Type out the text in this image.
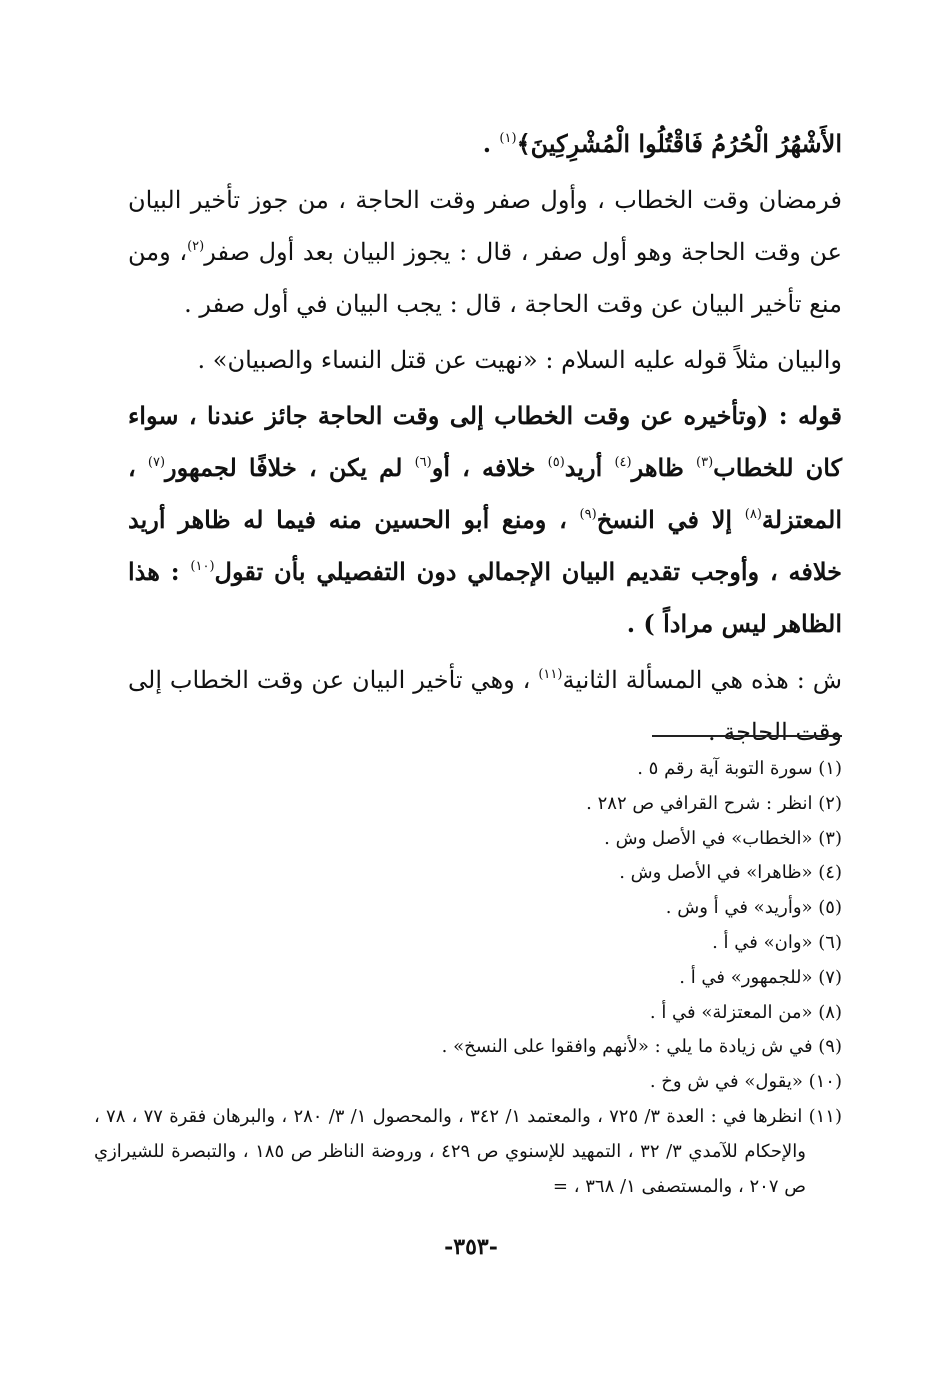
الأَشْهُرُ الْحُرُمُ فَاقْتُلُوا الْمُشْرِكِينَ﴾$^{(١)}$ .

فرمضان وقت الخطاب ، وأول صفر وقت الحاجة ، من جوز تأخير البيان عن وقت الحاجة وهو أول صفر ، قال : يجوز البيان بعد أول صفر$^{(٢)}$، ومن منع تأخير البيان عن وقت الحاجة ، قال : يجب البيان في أول صفر .

والبيان مثلاً قوله عليه السلام : «نهيت عن قتل النساء والصبيان» .

قوله : (وتأخيره عن وقت الخطاب إلى وقت الحاجة جائز عندنا ، سواء كان للخطاب$^{(٣)}$ ظاهر$^{(٤)}$ أريد$^{(٥)}$ خلافه ، أو$^{(٦)}$ لم يكن ، خلافًا لجمهور$^{(٧)}$ ، المعتزلة$^{(٨)}$ إلا في النسخ$^{(٩)}$ ، ومنع أبو الحسين منه فيما له ظاهر أريد خلافه ، وأوجب تقديم البيان الإجمالي دون التفصيلي بأن تقول$^{(١٠)}$ : هذا الظاهر ليس مراداً ) .

ش : هذه هي المسألة الثانية$^{(١١)}$ ، وهي تأخير البيان عن وقت الخطاب إلى وقت الحاجة .

(١) سورة التوبة آية رقم ٥ .
(٢) انظر : شرح القرافي ص ٢٨٢ .
(٣) «الخطاب» في الأصل وش .
(٤) «ظاهرا» في الأصل وش .
(٥) «وأريد» في أ وش .
(٦) «وان» في أ .
(٧) «للجمهور» في أ .
(٨) «من المعتزلة» في أ .
(٩) في ش زيادة ما يلي : «لأنهم وافقوا على النسخ» .
(١٠) «يقول» في ش وخ .
(١١) انظرها في : العدة ٣/ ٧٢٥ ، والمعتمد ١/ ٣٤٢ ، والمحصول ١/ ٣/ ٢٨٠ ، والبرهان فقرة ٧٧ ، ٧٨ ، والإحكام للآمدي ٣/ ٣٢ ، التمهيد للإسنوي ص ٤٢٩ ، وروضة الناظر ص ١٨٥ ، والتبصرة للشيرازي ص ٢٠٧ ، والمستصفى ١/ ٣٦٨ ، =
-٣٥٣-
